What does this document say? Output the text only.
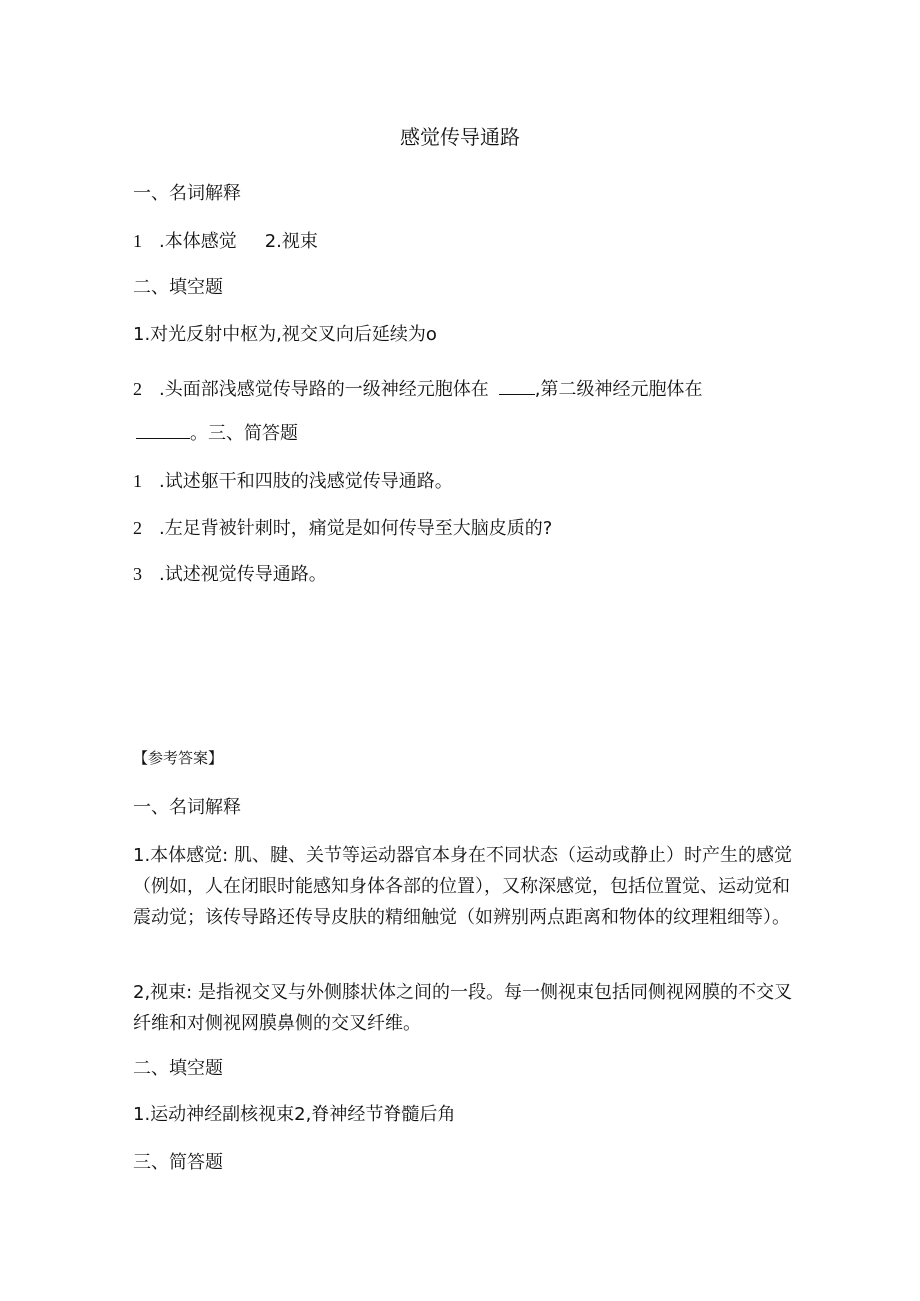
感觉传导通路

一、名词解释

1 .本体感觉 2.视束

二、填空题

1.对光反射中枢为,视交叉向后延续为o

2 .头面部浅感觉传导路的一级神经元胞体在	,第二级神经元胞体在

。三、简答题

1 .试述躯干和四肢的浅感觉传导通路。

2 .左足背被针刺时，痛觉是如何传导至大脑皮质的?

3 .试述视觉传导通路。

【参考答案】

一、名词解释

1.本体感觉: 肌、腱、关节等运动器官本身在不同状态（运动或静止）时产生的感觉（例如，人在闭眼时能感知身体各部的位置），又称深感觉，包括位置觉、运动觉和震动觉；该传导路还传导皮肤的精细触觉（如辨别两点距离和物体的纹理粗细等）。

2,视束: 是指视交叉与外侧膝状体之间的一段。每一侧视束包括同侧视网膜的不交叉纤维和对侧视网膜鼻侧的交叉纤维。

二、填空题

1.运动神经副核视束2,脊神经节脊髓后角

三、简答题
